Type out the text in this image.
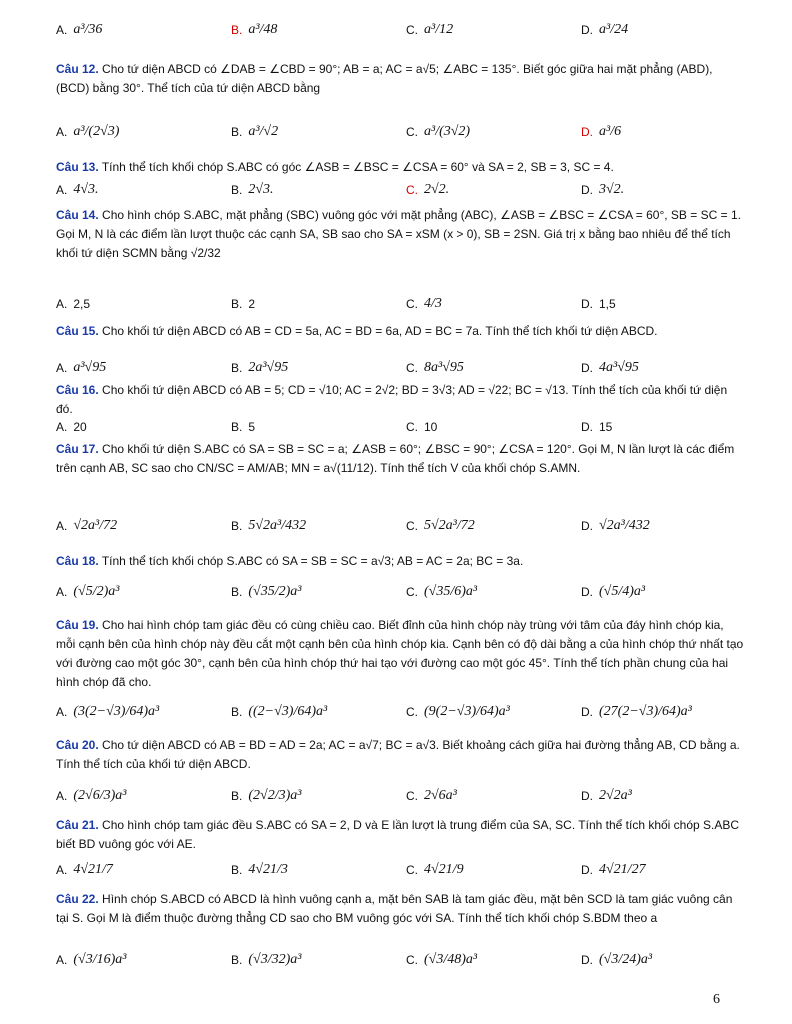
A. a³/36	B. a³/48	C. a³/12	D. a³/24
Câu 12. Cho tứ diện ABCD có ∠DAB = ∠CBD = 90°; AB = a; AC = a√5; ∠ABC = 135°. Biết góc giữa hai mặt phẳng (ABD), (BCD) bằng 30°. Thể tích của tứ diện ABCD bằng
A. a³/(2√3)	B. a³/√2	C. a³/(3√2)	D. a³/6
Câu 13. Tính thể tích khối chóp S.ABC có góc ∠ASB = ∠BSC = ∠CSA = 60° và SA = 2, SB = 3, SC = 4.
A. 4√3.	B. 2√3.	C. 2√2.	D. 3√2.
Câu 14. Cho hình chóp S.ABC, mặt phẳng (SBC) vuông góc với mặt phẳng (ABC), ∠ASB = ∠BSC = ∠CSA = 60°, SB = SC = 1. Gọi M, N là các điểm lần lượt thuộc các cạnh SA, SB sao cho SA = xSM (x > 0), SB = 2SN. Giá trị x bằng bao nhiêu để thể tích khối tứ diện SCMN bằng √2/32
A. 2,5	B. 2	C. 4/3	D. 1,5
Câu 15. Cho khối tứ diện ABCD có AB = CD = 5a, AC = BD = 6a, AD = BC = 7a. Tính thể tích khối tứ diện ABCD.
A. a³√95	B. 2a³√95	C. 8a³√95	D. 4a³√95
Câu 16. Cho khối tứ diện ABCD có AB = 5; CD = √10; AC = 2√2; BD = 3√3; AD = √22; BC = √13. Tính thể tích của khối tứ diện đó.
A. 20	B. 5	C. 10	D. 15
Câu 17. Cho khối tứ diện S.ABC có SA = SB = SC = a; ∠ASB = 60°; ∠BSC = 90°; ∠CSA = 120°. Gọi M, N lần lượt là các điểm trên cạnh AB, SC sao cho CN/SC = AM/AB; MN = a√(11/12). Tính thể tích V của khối chóp S.AMN.
A. √2a³/72	B. 5√2a³/432	C. 5√2a³/72	D. √2a³/432
Câu 18. Tính thể tích khối chóp S.ABC có SA = SB = SC = a√3; AB = AC = 2a; BC = 3a.
A. (√5/2)a³	B. (√35/2)a³	C. (√35/6)a³	D. (√5/4)a³
Câu 19. Cho hai hình chóp tam giác đều có cùng chiều cao. Biết đỉnh của hình chóp này trùng với tâm của đáy hình chóp kia, mỗi cạnh bên của hình chóp này đều cắt một cạnh bên của hình chóp kia. Cạnh bên có độ dài bằng a của hình chóp thứ nhất tạo với đường cao một góc 30°, cạnh bên của hình chóp thứ hai tạo với đường cao một góc 45°. Tính thể tích phần chung của hai hình chóp đã cho.
A. (3(2−√3)/64)a³	B. ((2−√3)/64)a³	C. (9(2−√3)/64)a³	D. (27(2−√3)/64)a³
Câu 20. Cho tứ diện ABCD có AB = BD = AD = 2a; AC = a√7; BC = a√3. Biết khoảng cách giữa hai đường thẳng AB, CD bằng a. Tính thể tích của khối tứ diện ABCD.
A. (2√6/3)a³	B. (2√2/3)a³	C. 2√6a³	D. 2√2a³
Câu 21. Cho hình chóp tam giác đều S.ABC có SA = 2, D và E lần lượt là trung điểm của SA, SC. Tính thể tích khối chóp S.ABC biết BD vuông góc với AE.
A. 4√21/7	B. 4√21/3	C. 4√21/9	D. 4√21/27
Câu 22. Hình chóp S.ABCD có ABCD là hình vuông cạnh a, mặt bên SAB là tam giác đều, mặt bên SCD là tam giác vuông cân tại S. Gọi M là điểm thuộc đường thẳng CD sao cho BM vuông góc với SA. Tính thể tích khối chóp S.BDM theo a
A. (√3/16)a³	B. (√3/32)a³	C. (√3/48)a³	D. (√3/24)a³
6
